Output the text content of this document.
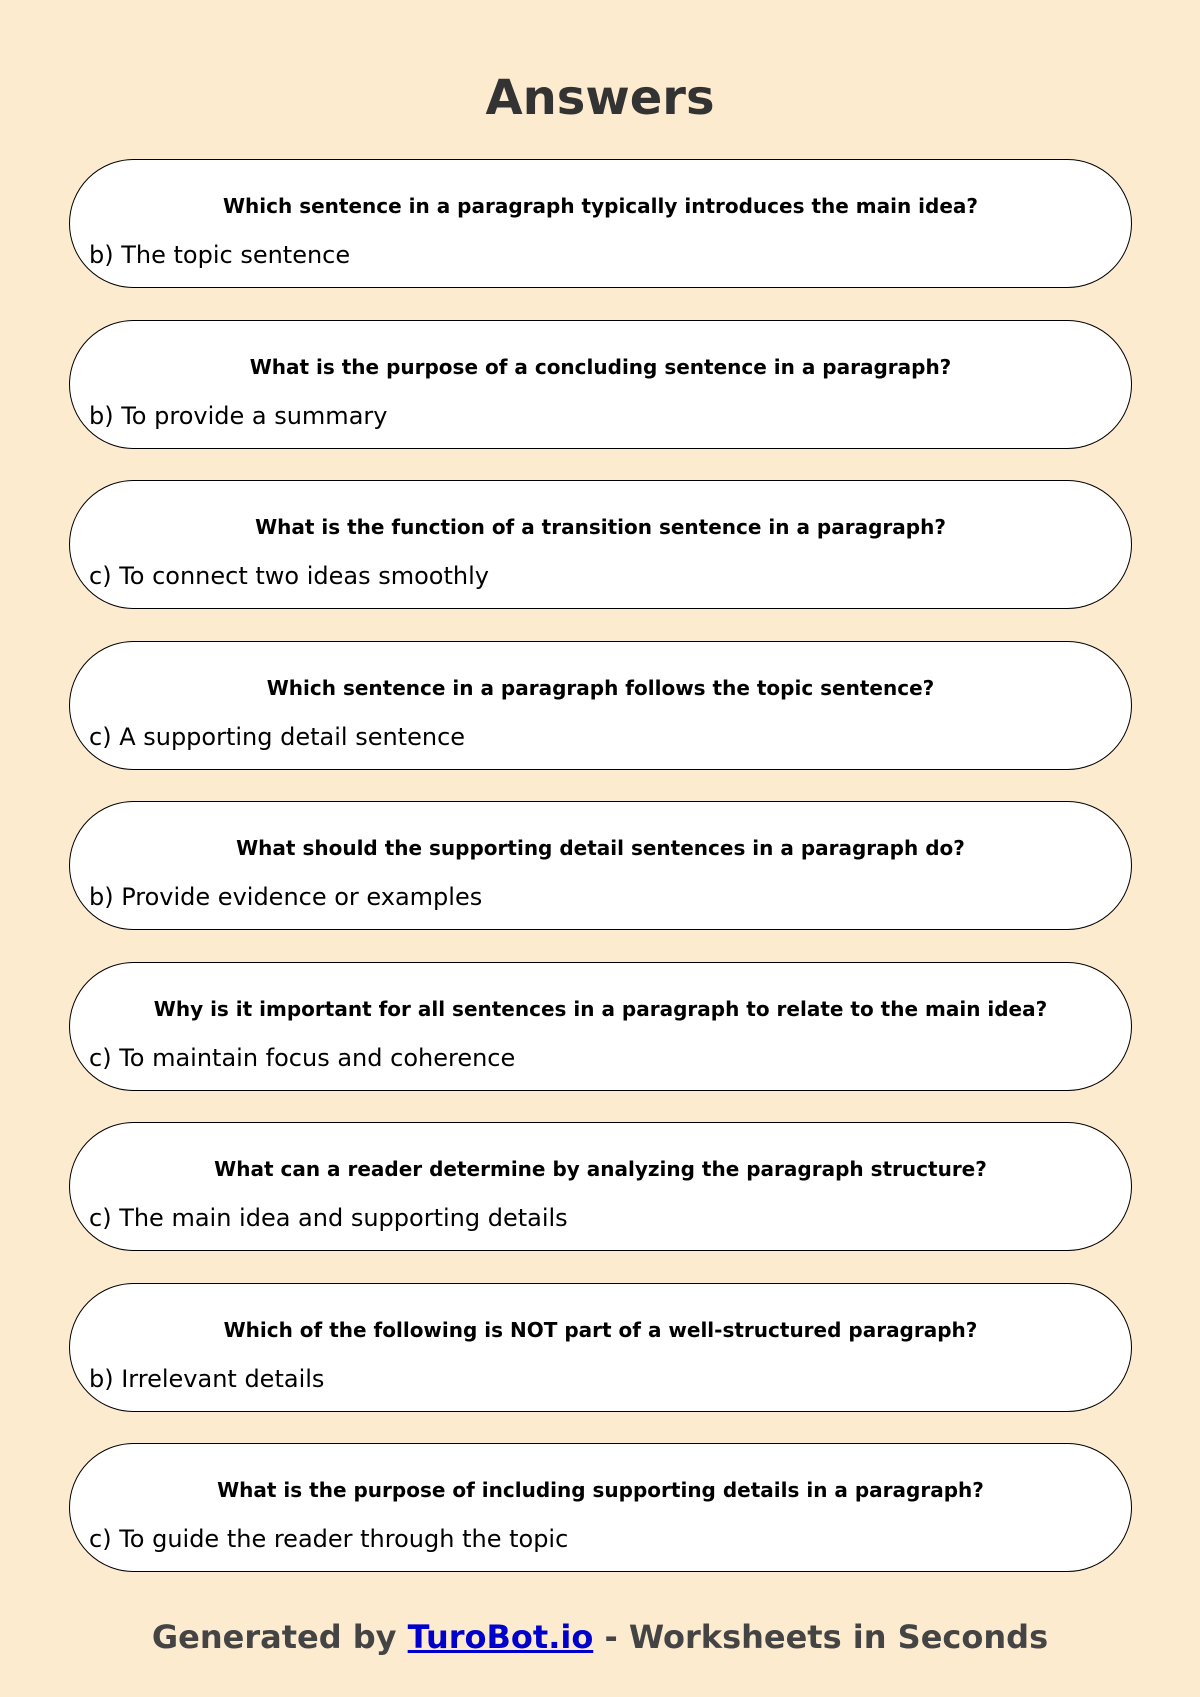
Answers
Which sentence in a paragraph typically introduces the main idea?
b) The topic sentence
What is the purpose of a concluding sentence in a paragraph?
b) To provide a summary
What is the function of a transition sentence in a paragraph?
c) To connect two ideas smoothly
Which sentence in a paragraph follows the topic sentence?
c) A supporting detail sentence
What should the supporting detail sentences in a paragraph do?
b) Provide evidence or examples
Why is it important for all sentences in a paragraph to relate to the main idea?
c) To maintain focus and coherence
What can a reader determine by analyzing the paragraph structure?
c) The main idea and supporting details
Which of the following is NOT part of a well-structured paragraph?
b) Irrelevant details
What is the purpose of including supporting details in a paragraph?
c) To guide the reader through the topic
Generated by TuroBot.io - Worksheets in Seconds
